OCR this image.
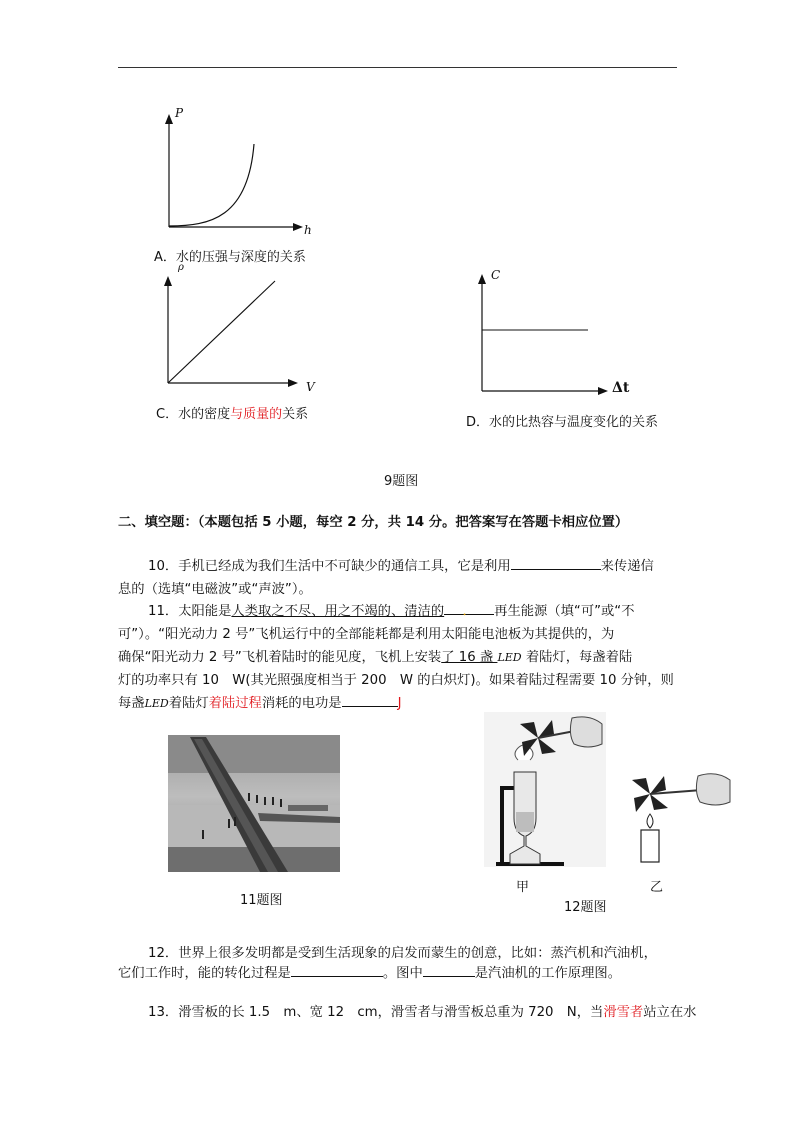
P
h
A．水的压强与深度的关系
ρ
V
C．水的密度与质量的关系
C
Δt
D．水的比热容与温度变化的关系
9题图
二、填空题：（本题包括 5 小题，每空 2 分，共 14 分。把答案写在答题卡相应位置）
10．手机已经成为我们生活中不可缺少的通信工具，它是利用	来传递信
息的（选填“电磁波”或“声波”）。
11．太阳能是人类取之不尽、用之不竭的、清洁的 ． 再生能源（填“可”或“不
可”）。“阳光动力 2 号”飞机运行中的全部能耗都是利用太阳能电池板为其提供的，为
确保“阳光动力 2 号”飞机着陆时的能见度，飞机上安装了 16 盏 LED 着陆灯，每盏着陆
灯的功率只有 10　W(其光照强度相当于 200　W 的白炽灯)。如果着陆过程需要 10 分钟，则
每盏LED着陆灯着陆过程消耗的电功是	J
11题图
甲	乙
12题图
12．世界上很多发明都是受到生活现象的启发而蒙生的创意，比如：蒸汽机和汽油机，
它们工作时，能的转化过程是	。图中	是汽油机的工作原理图。
13．滑雪板的长 1.5　m、宽 12　cm，滑雪者与滑雪板总重为 720　N，当滑雪者站立在水
